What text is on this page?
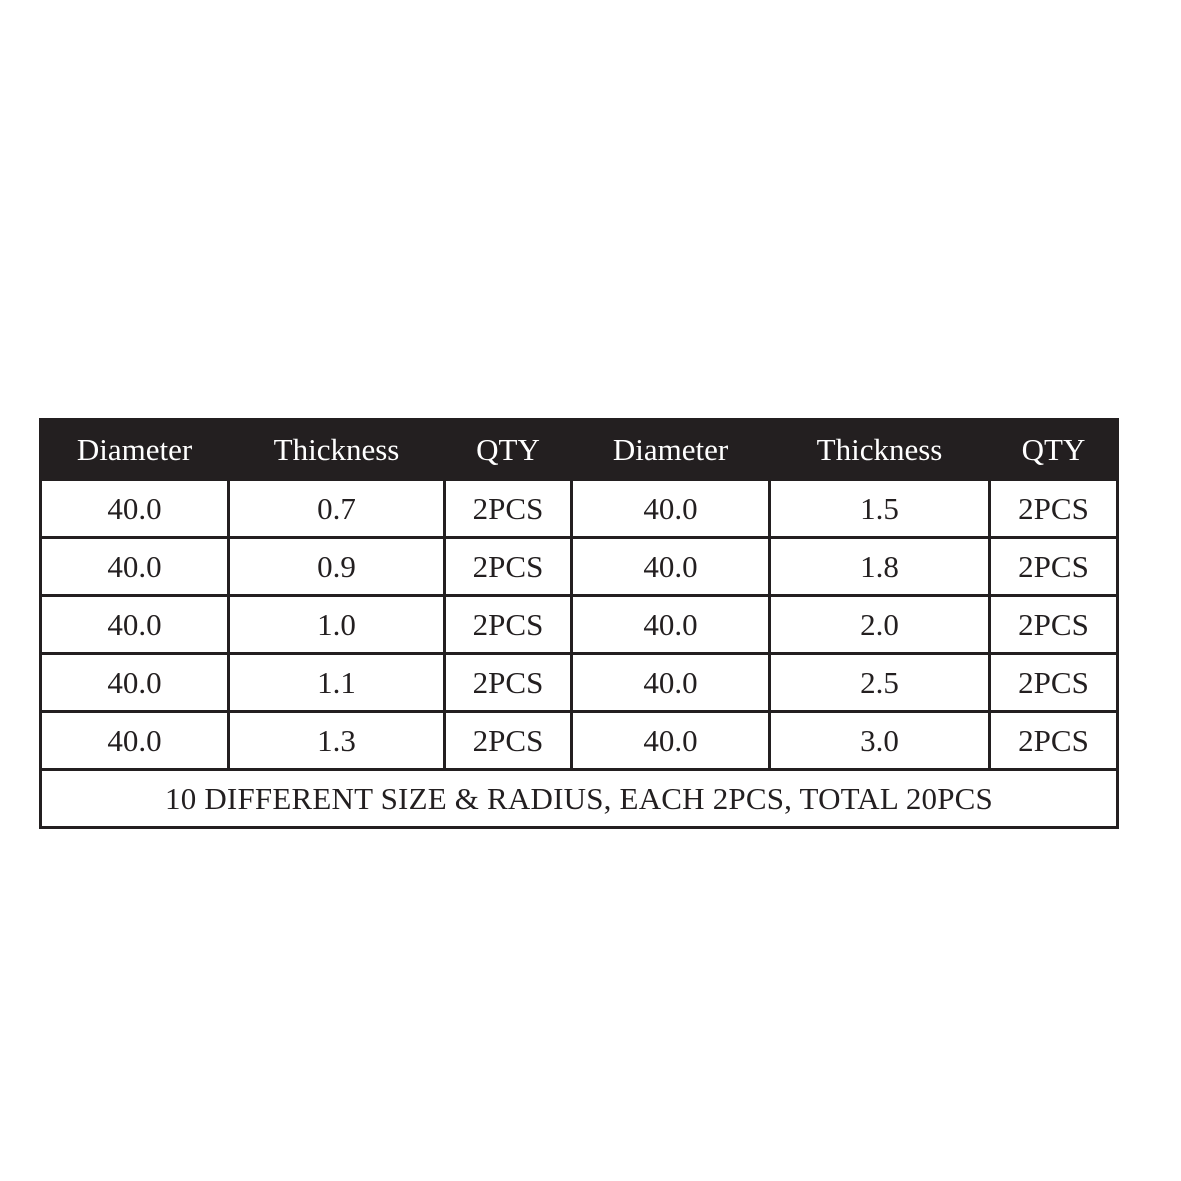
Diameter	Thickness	QTY	Diameter	Thickness	QTY
40.0	0.7	2PCS	40.0	1.5	2PCS
40.0	0.9	2PCS	40.0	1.8	2PCS
40.0	1.0	2PCS	40.0	2.0	2PCS
40.0	1.1	2PCS	40.0	2.5	2PCS
40.0	1.3	2PCS	40.0	3.0	2PCS
10 DIFFERENT SIZE & RADIUS, EACH 2PCS, TOTAL 20PCS					
